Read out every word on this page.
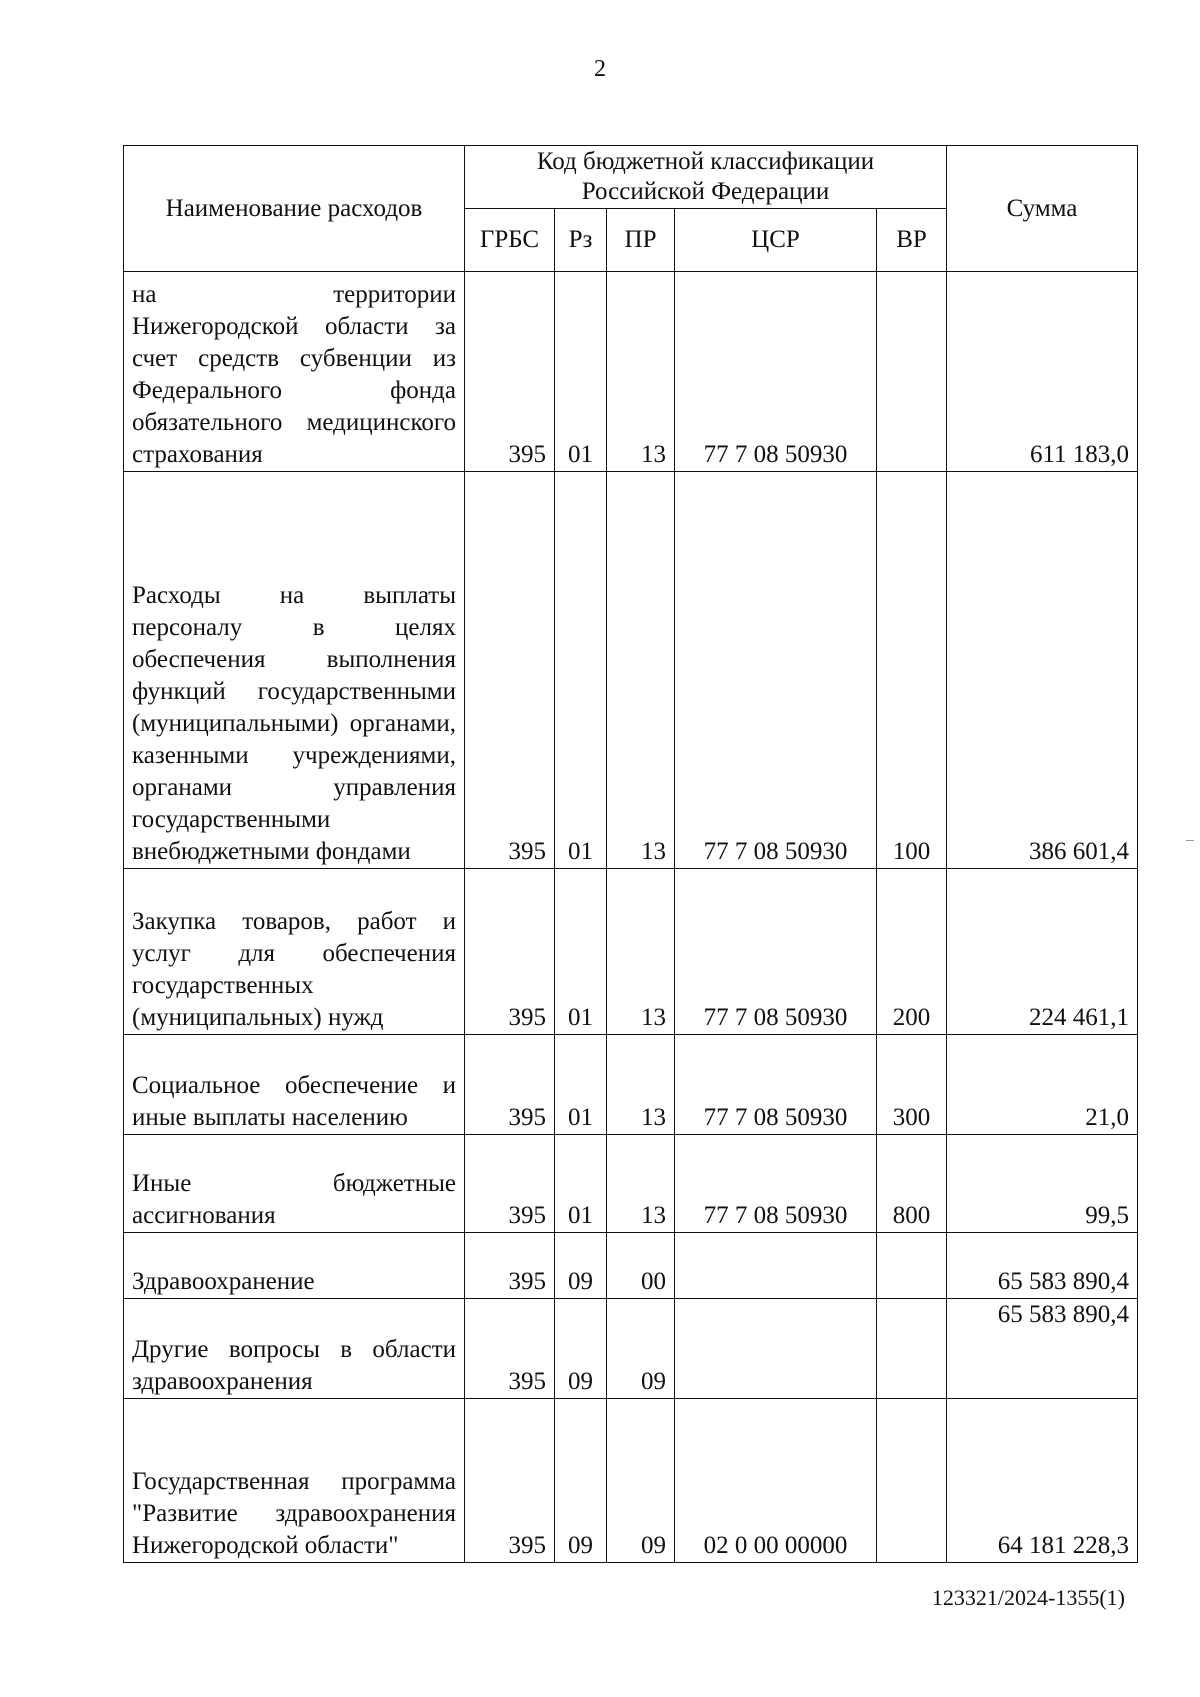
2
Наименование расходов	Код бюджетной классификации Российской Федерации					Сумма
	ГРБС	Рз	ПР	ЦСР	ВР	
на территории Нижегородской области за счет средств субвенции из Федерального фонда обязательного медицинского страхования	395	01	13	77 7 08 50930		611 183,0
Расходы на выплаты персоналу в целях обеспечения выполнения функций государственными (муниципальными) органами, казенными учреждениями, органами управления государственными внебюджетными фондами	395	01	13	77 7 08 50930	100	386 601,4
Закупка товаров, работ и услуг для обеспечения государственных (муниципальных) нужд	395	01	13	77 7 08 50930	200	224 461,1
Социальное обеспечение и иные выплаты населению	395	01	13	77 7 08 50930	300	21,0
Иные бюджетные ассигнования	395	01	13	77 7 08 50930	800	99,5
Здравоохранение	395	09	00			65 583 890,4
Другие вопросы в области здравоохранения	395	09	09			65 583 890,4
Государственная программа "Развитие здравоохранения Нижегородской области"	395	09	09	02 0 00 00000		64 181 228,3
123321/2024-1355(1)
